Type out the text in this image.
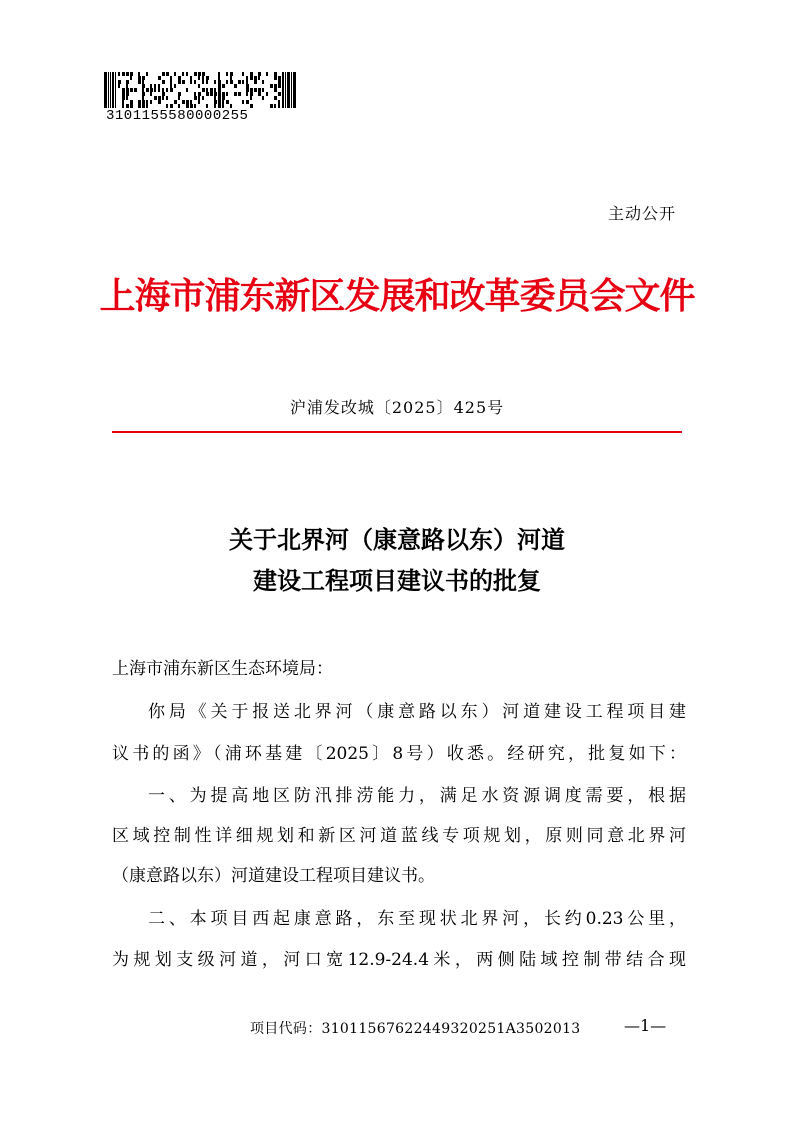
3101155580000255
主动公开
上海市浦东新区发展和改革委员会文件
沪浦发改城〔2025〕425号
关于北界河（康意路以东）河道
建设工程项目建议书的批复
上海市浦东新区生态环境局：
你局《关于报送北界河（康意路以东）河道建设工程项目建
议书的函》（浦环基建〔2025〕8号）收悉。经研究，批复如下：
一、为提高地区防汛排涝能力，满足水资源调度需要，根据
区域控制性详细规划和新区河道蓝线专项规划，原则同意北界河
（康意路以东）河道建设工程项目建议书。
二、本项目西起康意路，东至现状北界河，长约0.23公里，
为规划支级河道，河口宽12.9-24.4米，两侧陆域控制带结合现
项目代码：31011567622449320251A3502013	—1—
